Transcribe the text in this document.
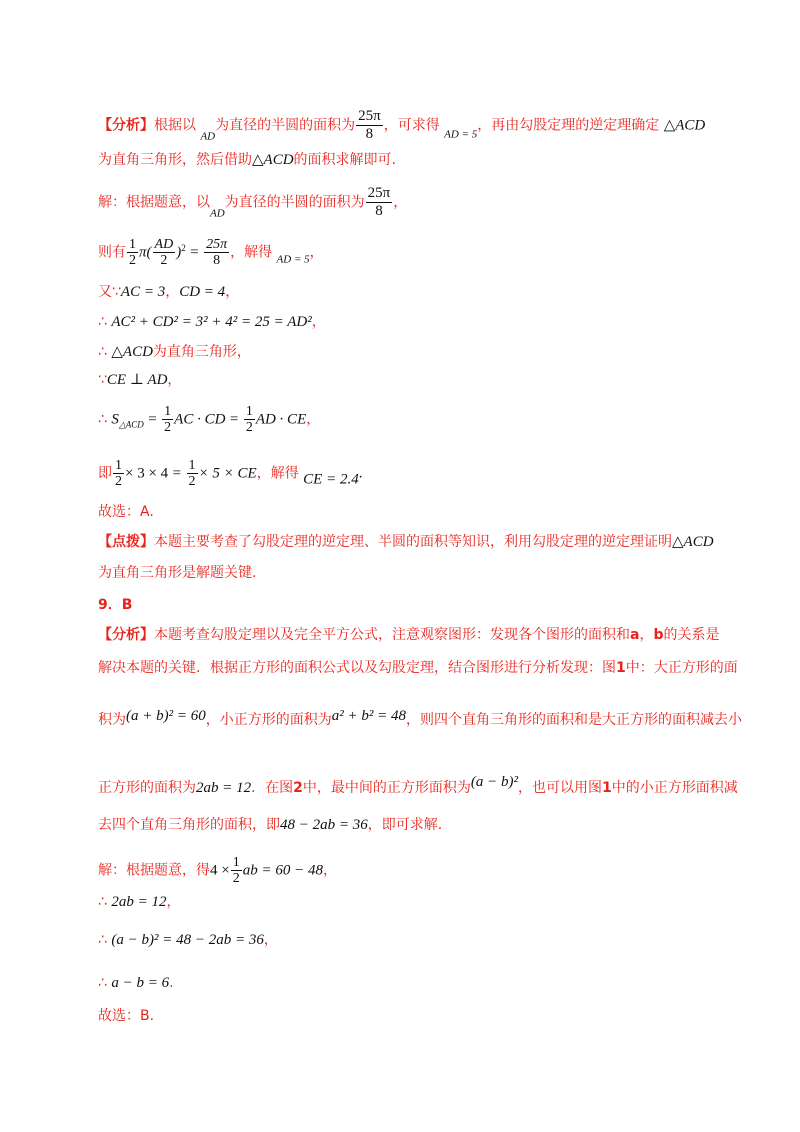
【分析】根据以 $_{AD}$为直径的半圆的面积为 $\frac{25\pi}{8}$ ，可求得 $_{AD = 5}$，再由勾股定理的逆定理确定 △ACD
为直角三角形，然后借助△ACD的面积求解即可.
解：根据题意，以$_{AD}$为直径的半圆的面积为 $\frac{25\pi}{8}$ ，
则有 $\frac{1}{2} \pi( \frac{AD}{2} )^2 = \frac{25\pi}{8}$ ，解得 $_{AD = 5}$，
又∵AC = 3，CD = 4，
∴ AC² + CD² = 3² + 4² = 25 = AD²，
∴ △ACD为直角三角形，
∵CE ⊥ AD，
∴ $S_{\triangle ACD} = \frac{1}{2}$ AC · CD = $\frac{1}{2}$ AD · CE，
即 $\frac{1}{2} \times 3 \times 4 = \frac{1}{2} \times 5$ × CE，解得 CE = 2.4.
故选：A.
【点拨】本题主要考查了勾股定理的逆定理、半圆的面积等知识，利用勾股定理的逆定理证明△ACD
为直角三角形是解题关键.
9．B
【分析】本题考查勾股定理以及完全平方公式，注意观察图形：发现各个图形的面积和a，b的关系是
解决本题的关键．根据正方形的面积公式以及勾股定理，结合图形进行分析发现：图1中：大正方形的面
积为(a + b)² = 60，小正方形的面积为a² + b² = 48，则四个直角三角形的面积和是大正方形的面积减去小
正方形的面积为2ab = 12．在图2中，最中间的正方形面积为(a − b)²，也可以用图1中的小正方形面积减
去四个直角三角形的面积，即48 − 2ab = 36，即可求解.
解：根据题意，得$4 \times \frac{1}{2}$ ab = 60 − 48，
∴ 2ab = 12，
∴ (a − b)² = 48 − 2ab = 36，
∴ a − b = 6.
故选：B.
